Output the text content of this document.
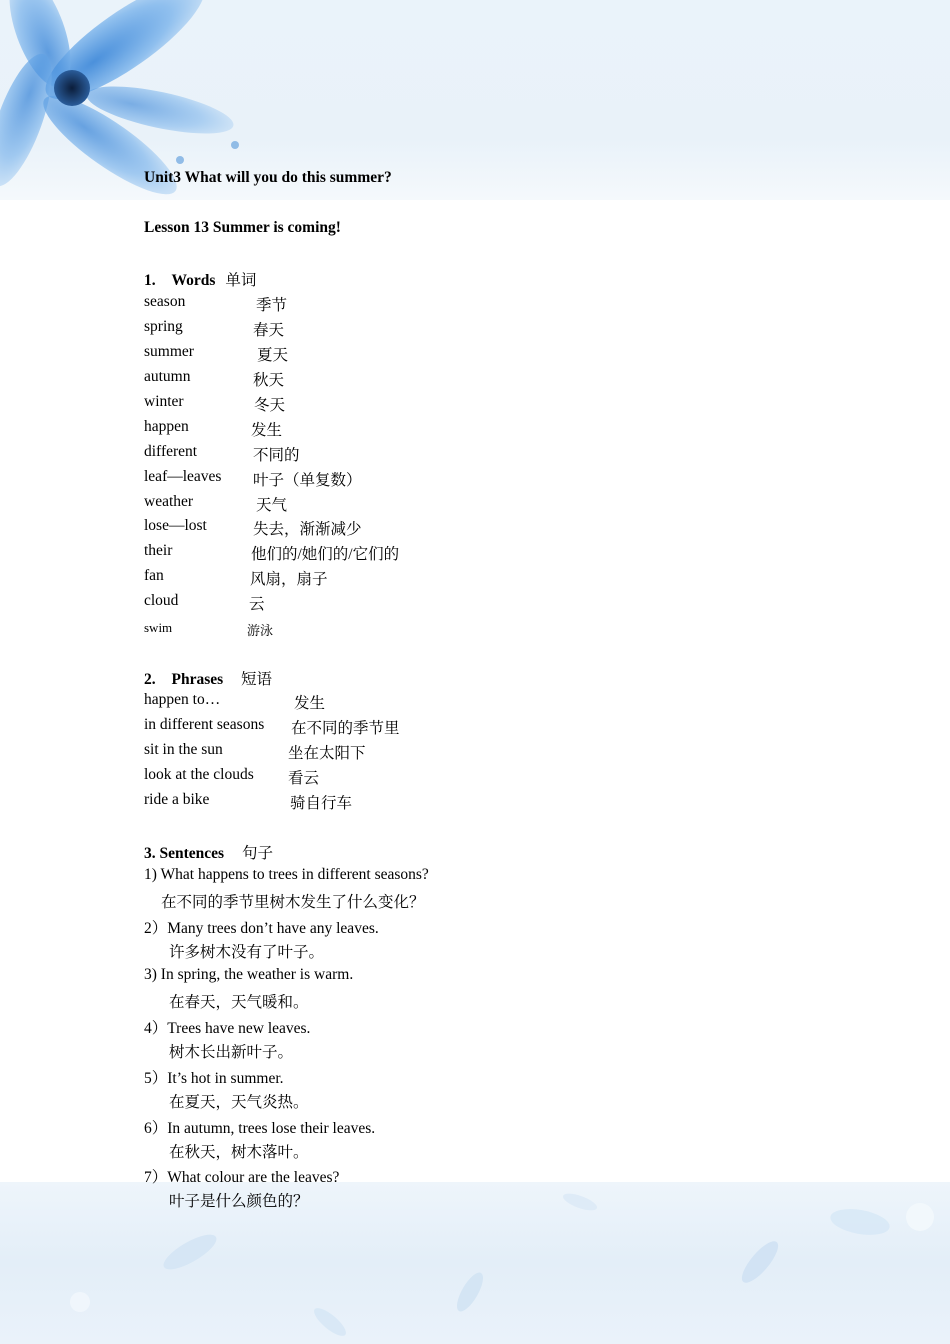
Unit3 What will you do this summer?
Lesson 13 Summer is coming!
1. Words 单词
season	季节
spring	春天
summer	夏天
autumn	秋天
winter	冬天
happen	发生
different	不同的
leaf—leaves 叶子（单复数）
weather	天气
lose—lost	失去，渐渐减少
their	他们的/她们的/它们的
fan	风扇，扇子
cloud	云
swim	游泳
2. Phrases 短语
happen to…	发生
in different seasons 在不同的季节里
sit in the sun	坐在太阳下
look at the clouds 看云
ride a bike	骑自行车
3. Sentences 句子
1) What happens to trees in different seasons?
在不同的季节里树木发生了什么变化？
2）Many trees don’t have any leaves.
许多树木没有了叶子。
3) In spring, the weather is warm.
在春天，天气暖和。
4）Trees have new leaves.
树木长出新叶子。
5）It’s hot in summer.
在夏天，天气炎热。
6）In autumn, trees lose their leaves.
在秋天，树木落叶。
7）What colour are the leaves?
叶子是什么颜色的？
